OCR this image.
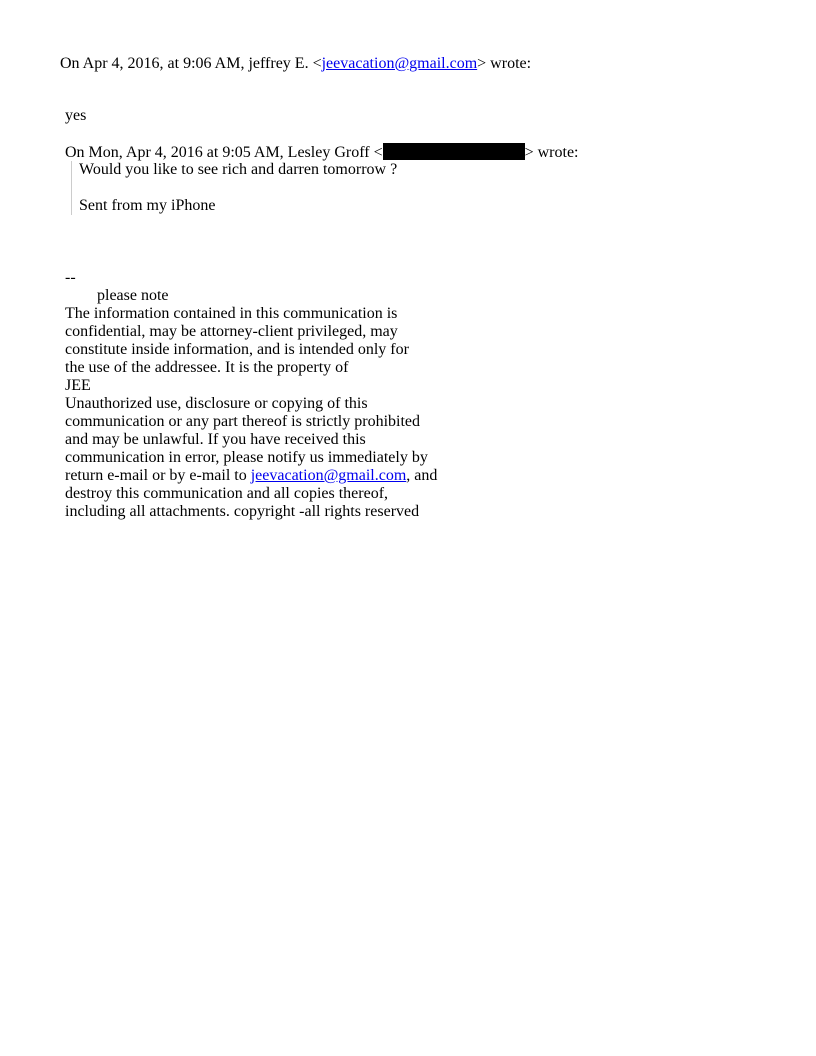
On Apr 4, 2016, at 9:06 AM, jeffrey E. <jeevacation@gmail.com> wrote:
yes
On Mon, Apr 4, 2016 at 9:05 AM, Lesley Groff <	> wrote:
Would you like to see rich and darren tomorrow ?
Sent from my iPhone
--
please note
The information contained in this communication is
confidential, may be attorney-client privileged, may
constitute inside information, and is intended only for
the use of the addressee. It is the property of
JEE
Unauthorized use, disclosure or copying of this
communication or any part thereof is strictly prohibited
and may be unlawful. If you have received this
communication in error, please notify us immediately by
return e-mail or by e-mail to jeevacation@gmail.com, and
destroy this communication and all copies thereof,
including all attachments. copyright -all rights reserved
